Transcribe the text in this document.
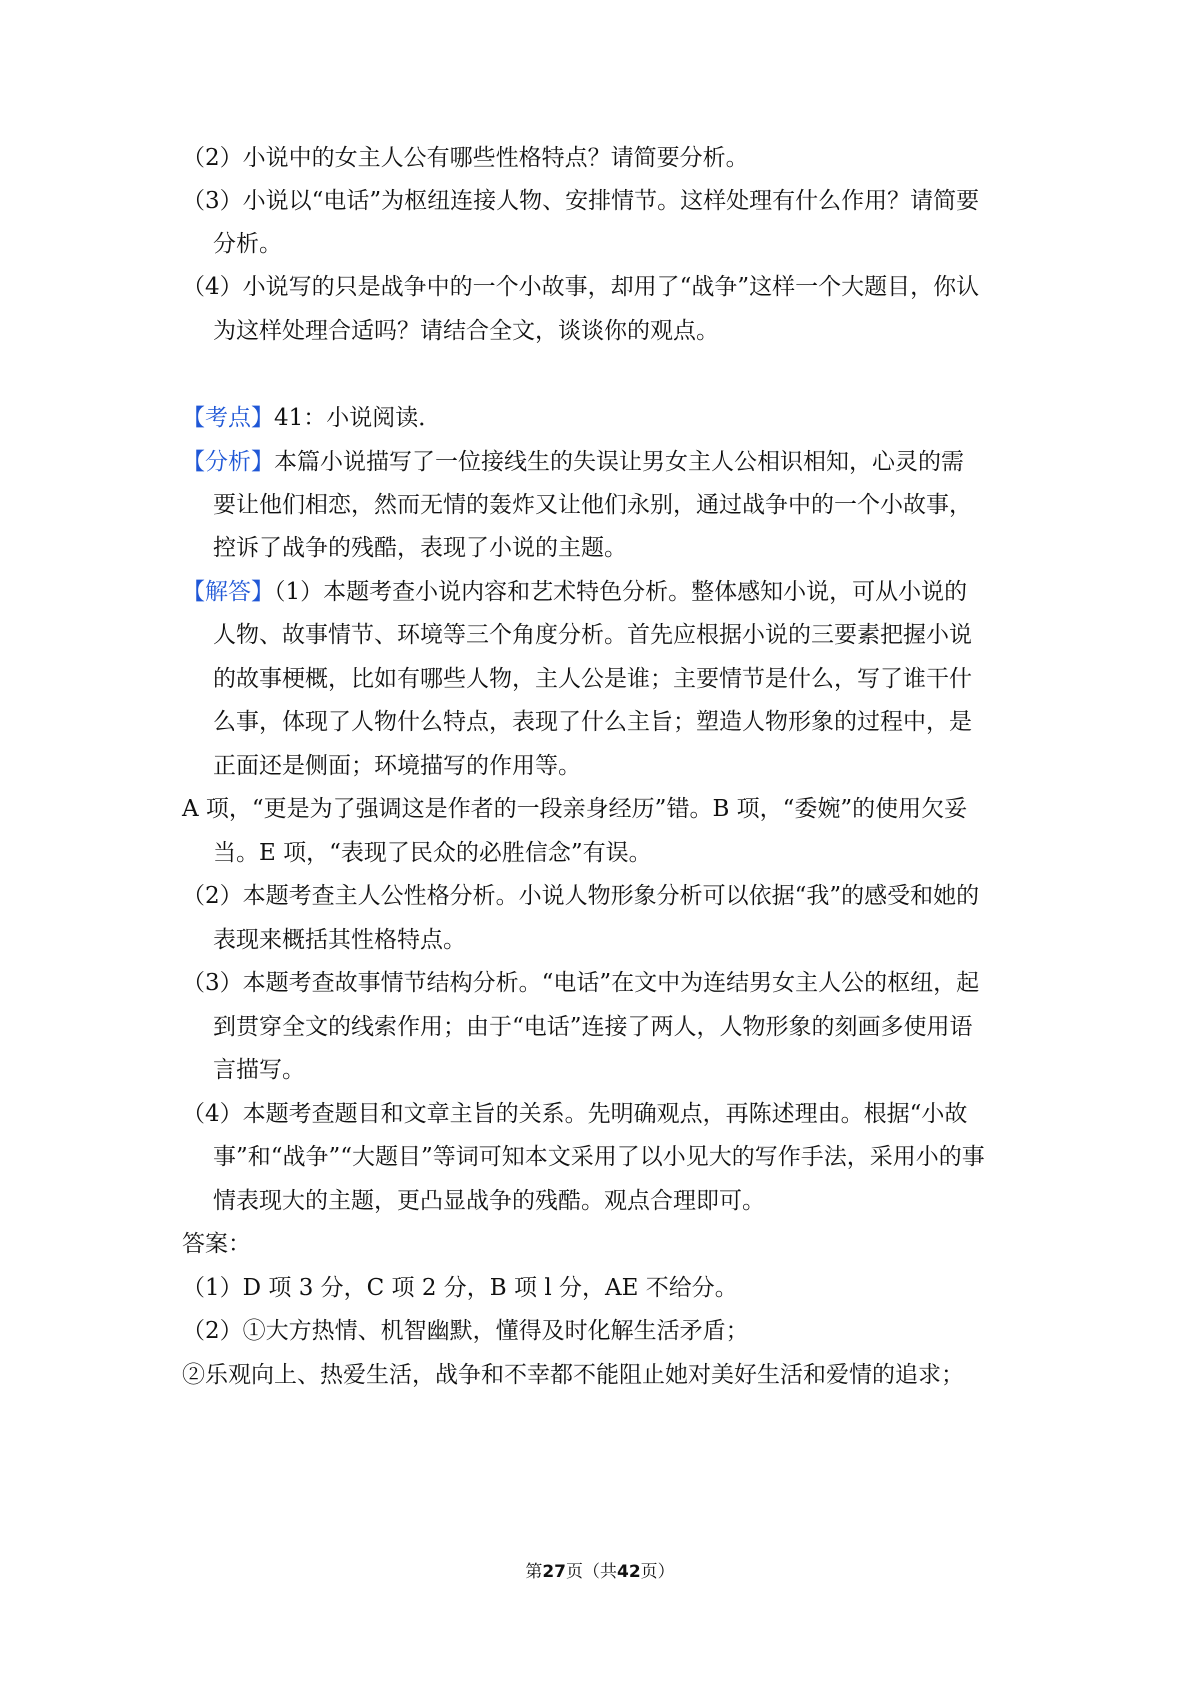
（2）小说中的女主人公有哪些性格特点？请简要分析。
（3）小说以“电话”为枢纽连接人物、安排情节。这样处理有什么作用？请简要
分析。
（4）小说写的只是战争中的一个小故事，却用了“战争”这样一个大题目，你认
为这样处理合适吗？请结合全文，谈谈你的观点。
【考点】41：小说阅读．
【分析】本篇小说描写了一位接线生的失误让男女主人公相识相知，心灵的需
要让他们相恋，然而无情的轰炸又让他们永别，通过战争中的一个小故事，
控诉了战争的残酷，表现了小说的主题。
【解答】（1）本题考查小说内容和艺术特色分析。整体感知小说，可从小说的
人物、故事情节、环境等三个角度分析。首先应根据小说的三要素把握小说
的故事梗概，比如有哪些人物，主人公是谁；主要情节是什么，写了谁干什
么事，体现了人物什么特点，表现了什么主旨；塑造人物形象的过程中，是
正面还是侧面；环境描写的作用等。
A 项，“更是为了强调这是作者的一段亲身经历”错。B 项，“委婉”的使用欠妥
当。E 项，“表现了民众的必胜信念”有误。
（2）本题考查主人公性格分析。小说人物形象分析可以依据“我”的感受和她的
表现来概括其性格特点。
（3）本题考查故事情节结构分析。“电话”在文中为连结男女主人公的枢纽，起
到贯穿全文的线索作用；由于“电话”连接了两人，人物形象的刻画多使用语
言描写。
（4）本题考查题目和文章主旨的关系。先明确观点，再陈述理由。根据“小故
事”和“战争”“大题目”等词可知本文采用了以小见大的写作手法，采用小的事
情表现大的主题，更凸显战争的残酷。观点合理即可。
答案：
（1）D 项 3 分，C 项 2 分，B 项 l 分，AE 不给分。
（2）①大方热情、机智幽默，懂得及时化解生活矛盾；
②乐观向上、热爱生活，战争和不幸都不能阻止她对美好生活和爱情的追求；
第27页（共42页）
